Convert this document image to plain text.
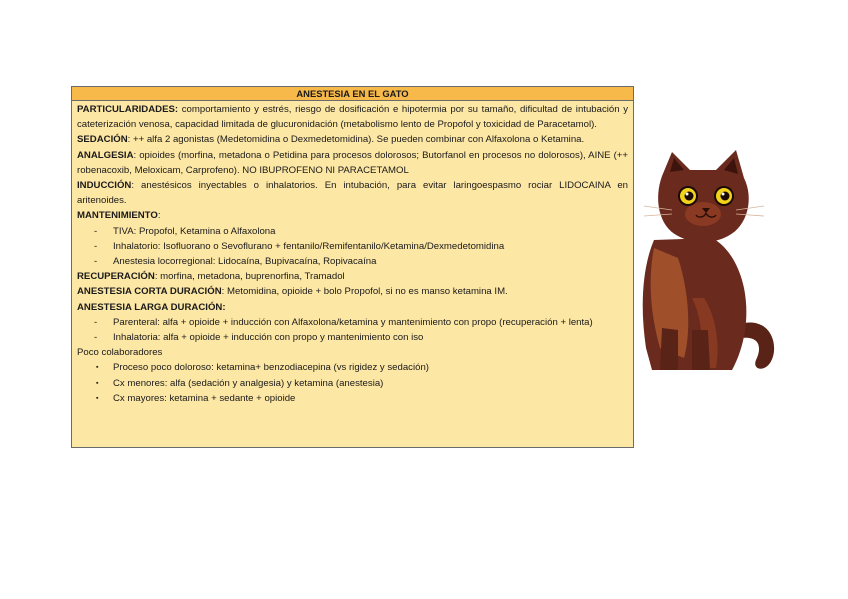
ANESTESIA EN EL GATO

PARTICULARIDADES: comportamiento y estrés, riesgo de dosificación e hipotermia por su tamaño, dificultad de intubación y cateterización venosa, capacidad limitada de glucuronidación (metabolismo lento de Propofol y toxicidad de Paracetamol).

SEDACIÓN: ++ alfa 2 agonistas (Medetomidina o Dexmedetomidina). Se pueden combinar con Alfaxolona o Ketamina.

ANALGESIA: opioides (morfina, metadona o Petidina para procesos dolorosos; Butorfanol en procesos no dolorosos), AINE (++ robenacoxib, Meloxicam, Carprofeno). NO IBUPROFENO NI PARACETAMOL

INDUCCIÓN: anestésicos inyectables o inhalatorios. En intubación, para evitar laringoespasmo rociar LIDOCAINA en aritenoides.

MANTENIMIENTO:

- TIVA: Propofol, Ketamina o Alfaxolona
- Inhalatorio: Isofluorano o Sevoflurano + fentanilo/Remifentanilo/Ketamina/Dexmedetomidina
- Anestesia locorregional: Lidocaína, Bupivacaína, Ropivacaína

RECUPERACIÓN: morfina, metadona, buprenorfina, Tramadol

ANESTESIA CORTA DURACIÓN: Metomidina, opioide + bolo Propofol, si no es manso ketamina IM.

ANESTESIA LARGA DURACIÓN:

- Parenteral: alfa + opioide + inducción con Alfaxolona/ketamina y mantenimiento con propo (recuperación + lenta)
- Inhalatoria: alfa + opioide + inducción con propo y mantenimiento con iso

Poco colaboradores

▪ Proceso poco doloroso: ketamina+ benzodiacepina (vs rigidez y sedación)
▪ Cx menores: alfa (sedación y analgesia) y ketamina (anestesia)
▪ Cx mayores: ketamina + sedante + opioide
